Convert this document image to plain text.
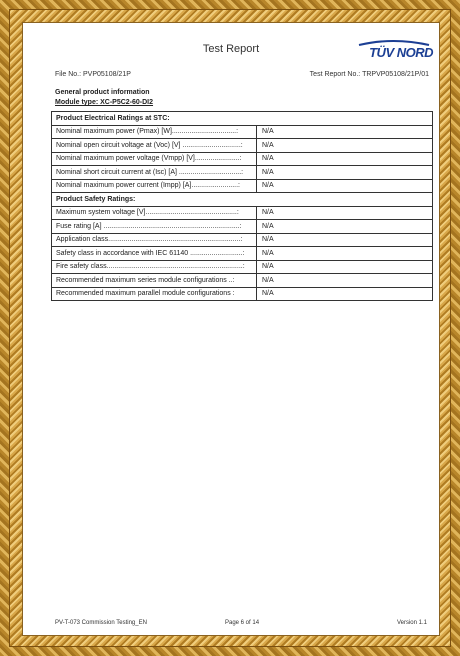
Test Report	TÜV NORD
File No.: PVP05108/21P	Test Report No.: TRPVP05108/21P/01
General product information
Module type: XC-P5C2-60-DI2
Product Electrical Ratings at STC:	
Nominal maximum power (Pmax) [W].................................:	N/A
Nominal open circuit voltage at (Voc) [V] ..............................:	N/A
Nominal maximum power voltage (Vmpp) [V].......................:	N/A
Nominal short circuit current at (Isc) [A] ................................:	N/A
Nominal maximum power current (Impp) [A]........................:	N/A
Product Safety Ratings:	
Maximum system voltage [V]...............................................:	N/A
Fuse rating [A] ......................................................................:	N/A
Application class....................................................................:	N/A
Safety class in accordance with IEC 61140 ...........................:	N/A
Fire safety class......................................................................:	N/A
Recommended maximum series module configurations ..:	N/A
Recommended maximum parallel module configurations :	N/A
PV-T-073 Commission Testing_EN	Page 6 of 14	Version 1.1
